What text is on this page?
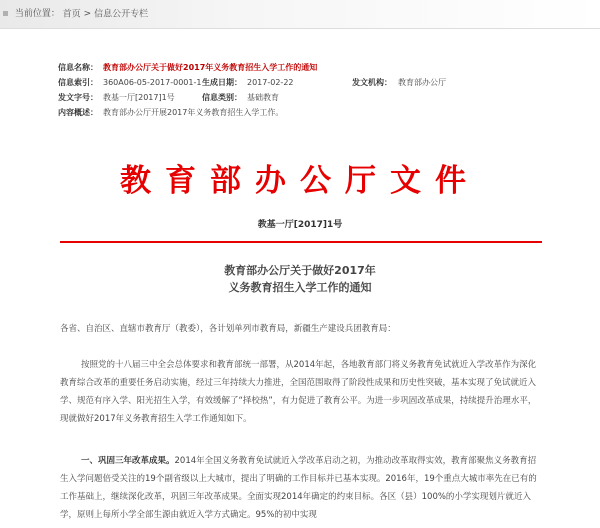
当前位置： 首页 > 信息公开专栏
信息名称： 教育部办公厅关于做好2017年义务教育招生入学工作的通知
信息索引： 360A06-05-2017-0001-1 生成日期： 2017-02-22	发文机构： 教育部办公厅
发文字号： 教基一厅[2017]1号	信息类别： 基础教育
内容概述： 教育部办公厅开展2017年义务教育招生入学工作。
教育部办公厅文件
教基一厅[2017]1号
教育部办公厅关于做好2017年
义务教育招生入学工作的通知
各省、自治区、直辖市教育厅（教委），各计划单列市教育局，新疆生产建设兵团教育局：
按照党的十八届三中全会总体要求和教育部统一部署，从2014年起，各地教育部门将义务教育免试就近入学改革作为深化教育综合改革的重要任务启动实施，经过三年持续大力推进，全国范围取得了阶段性成果和历史性突破，基本实现了免试就近入学、规范有序入学、阳光招生入学，有效缓解了“择校热”，有力促进了教育公平。为进一步巩固改革成果，持续提升治理水平，现就做好2017年义务教育招生入学工作通知如下。
一、巩固三年改革成果。2014年全国义务教育免试就近入学改革启动之初，为推动改革取得实效，教育部聚焦义务教育招生入学问题倍受关注的19个副省级以上大城市，提出了明确的工作目标并已基本实现。2016年，19个重点大城市率先在已有的工作基础上，继续深化改革，巩固三年改革成果。全面实现2014年确定的约束目标。各区（县）100%的小学实现划片就近入学，原则上每所小学全部生源由就近入学方式确定。95%的初中实现
